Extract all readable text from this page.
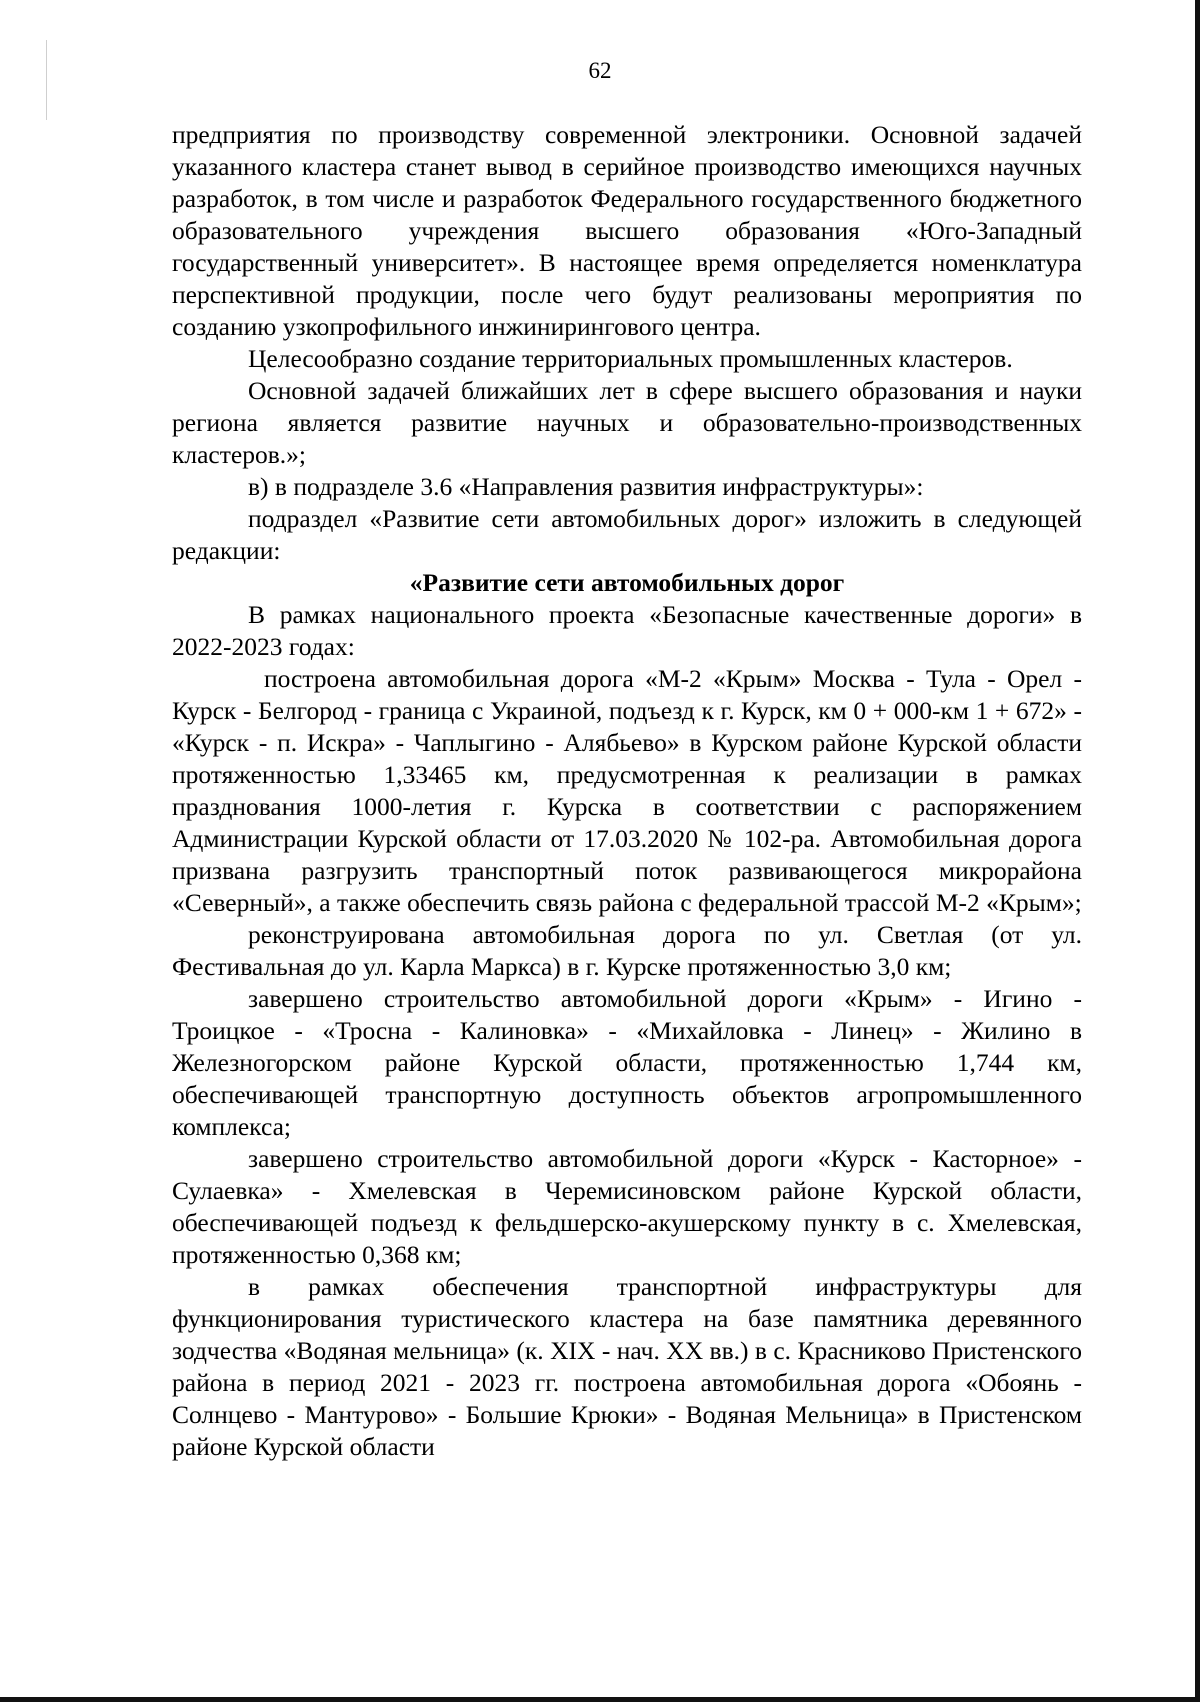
62

предприятия по производству современной электроники. Основной задачей указанного кластера станет вывод в серийное производство имеющихся научных разработок, в том числе и разработок Федерального государственного бюджетного образовательного учреждения высшего образования «Юго-Западный государственный университет». В настоящее время определяется номенклатура перспективной продукции, после чего будут реализованы мероприятия по созданию узкопрофильного инжинирингового центра.

Целесообразно создание территориальных промышленных кластеров.

Основной задачей ближайших лет в сфере высшего образования и науки региона является развитие научных и образовательно-производственных кластеров.»;

в) в подразделе 3.6 «Направления развития инфраструктуры»:

подраздел «Развитие сети автомобильных дорог» изложить в следующей редакции:

«Развитие сети автомобильных дорог

В рамках национального проекта «Безопасные качественные дороги» в 2022-2023 годах:

построена автомобильная дорога «М-2 «Крым» Москва - Тула - Орел - Курск - Белгород - граница с Украиной, подъезд к г. Курск, км 0 + 000-км 1 + 672» - «Курск - п. Искра» - Чаплыгино - Алябьево» в Курском районе Курской области протяженностью 1,33465 км, предусмотренная к реализации в рамках празднования 1000-летия г. Курска в соответствии с распоряжением Администрации Курской области от 17.03.2020 № 102-ра. Автомобильная дорога призвана разгрузить транспортный поток развивающегося микрорайона «Северный», а также обеспечить связь района с федеральной трассой М-2 «Крым»;

реконструирована автомобильная дорога по ул. Светлая (от ул. Фестивальная до ул. Карла Маркса) в г. Курске протяженностью 3,0 км;

завершено строительство автомобильной дороги «Крым» - Игино - Троицкое - «Тросна - Калиновка» - «Михайловка - Линец» - Жилино в Железногорском районе Курской области, протяженностью 1,744 км, обеспечивающей транспортную доступность объектов агропромышленного комплекса;

завершено строительство автомобильной дороги «Курск - Касторное» - Сулаевка» - Хмелевская в Черемисиновском районе Курской области, обеспечивающей подъезд к фельдшерско-акушерскому пункту в с. Хмелевская, протяженностью 0,368 км;

в рамках обеспечения транспортной инфраструктуры для функционирования туристического кластера на базе памятника деревянного зодчества «Водяная мельница» (к. XIX - нач. XX вв.) в с. Красниково Пристенского района в период 2021 - 2023 гг. построена автомобильная дорога «Обоянь - Солнцево - Мантурово» - Большие Крюки» - Водяная Мельница» в Пристенском районе Курской области
